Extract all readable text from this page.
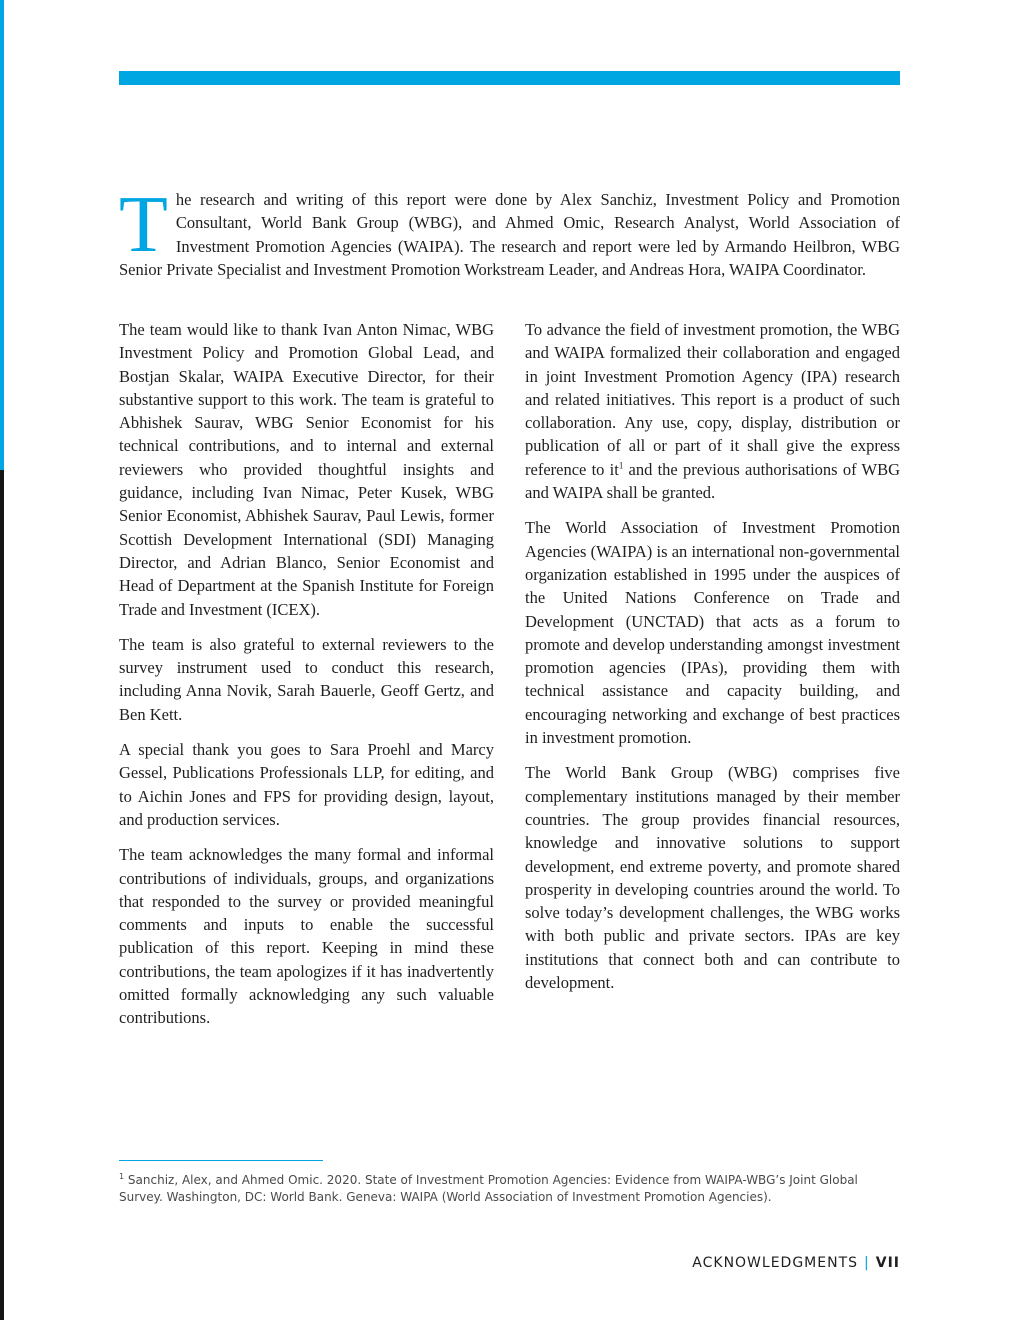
The research and writing of this report were done by Alex Sanchiz, Investment Policy and Promotion Consultant, World Bank Group (WBG), and Ahmed Omic, Research Analyst, World Association of Investment Promotion Agencies (WAIPA). The research and report were led by Armando Heilbron, WBG Senior Private Specialist and Investment Promotion Workstream Leader, and Andreas Hora, WAIPA Coordinator.

The team would like to thank Ivan Anton Nimac, WBG Investment Policy and Promotion Global Lead, and Bostjan Skalar, WAIPA Executive Director, for their substantive support to this work. The team is grateful to Abhishek Saurav, WBG Senior Economist for his technical contributions, and to internal and external reviewers who provided thoughtful insights and guidance, including Ivan Nimac, Peter Kusek, WBG Senior Economist, Abhishek Saurav, Paul Lewis, former Scottish Development International (SDI) Managing Director, and Adrian Blanco, Senior Economist and Head of Department at the Spanish Institute for Foreign Trade and Investment (ICEX).

The team is also grateful to external reviewers to the survey instrument used to conduct this research, including Anna Novik, Sarah Bauerle, Geoff Gertz, and Ben Kett.

A special thank you goes to Sara Proehl and Marcy Gessel, Publications Professionals LLP, for editing, and to Aichin Jones and FPS for providing design, layout, and production services.

The team acknowledges the many formal and informal contributions of individuals, groups, and organizations that responded to the survey or provided meaningful comments and inputs to enable the successful publication of this report. Keeping in mind these contributions, the team apologizes if it has inadvertently omitted formally acknowledging any such valuable contributions.

To advance the field of investment promotion, the WBG and WAIPA formalized their collaboration and engaged in joint Investment Promotion Agency (IPA) research and related initiatives. This report is a product of such collaboration. Any use, copy, display, distribution or publication of all or part of it shall give the express reference to $it^1$ and the previous authorisations of WBG and WAIPA shall be granted.

The World Association of Investment Promotion Agencies (WAIPA) is an international non-governmental organization established in 1995 under the auspices of the United Nations Conference on Trade and Development (UNCTAD) that acts as a forum to promote and develop understanding amongst investment promotion agencies (IPAs), providing them with technical assistance and capacity building, and encouraging networking and exchange of best practices in investment promotion.

The World Bank Group (WBG) comprises five complementary institutions managed by their member countries. The group provides financial resources, knowledge and innovative solutions to support development, end extreme poverty, and promote shared prosperity in developing countries around the world. To solve today’s development challenges, the WBG works with both public and private sectors. IPAs are key institutions that connect both and can contribute to development.

$^1$ Sanchiz, Alex, and Ahmed Omic. 2020. State of Investment Promotion Agencies: Evidence from WAIPA-WBG’s Joint Global Survey. Washington, DC: World Bank. Geneva: WAIPA (World Association of Investment Promotion Agencies).

ACKNOWLEDGMENTS | VII
